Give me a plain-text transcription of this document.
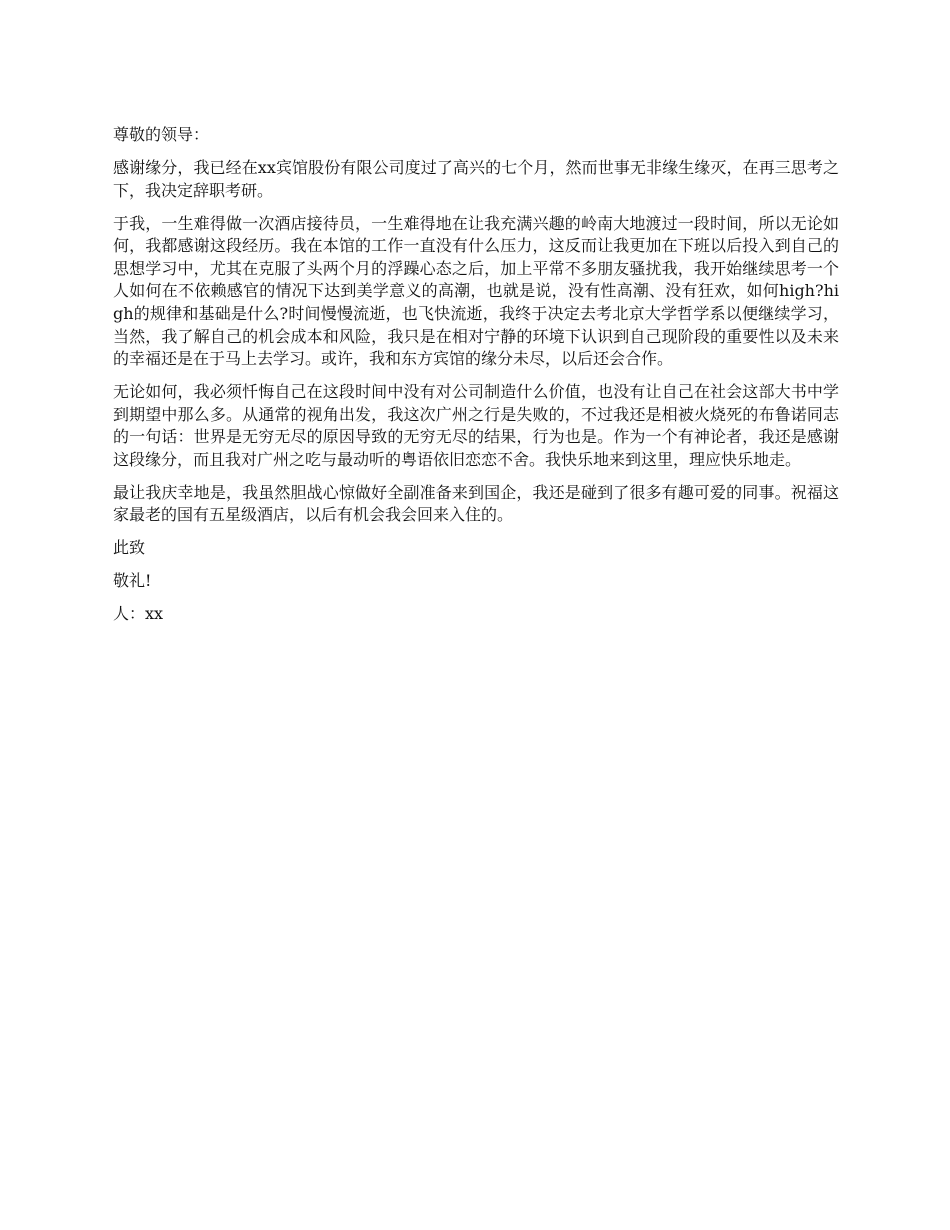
尊敬的领导：

感谢缘分，我已经在xx宾馆股份有限公司度过了高兴的七个月，然而世事无非缘生缘灭，在再三思考之下，我决定辞职考研。

于我，一生难得做一次酒店接待员，一生难得地在让我充满兴趣的岭南大地渡过一段时间，所以无论如何，我都感谢这段经历。我在本馆的工作一直没有什么压力，这反而让我更加在下班以后投入到自己的思想学习中，尤其在克服了头两个月的浮躁心态之后，加上平常不多朋友骚扰我，我开始继续思考一个人如何在不依赖感官的情况下达到美学意义的高潮，也就是说，没有性高潮、没有狂欢，如何high?high的规律和基础是什么?时间慢慢流逝，也飞快流逝，我终于决定去考北京大学哲学系以便继续学习，当然，我了解自己的机会成本和风险，我只是在相对宁静的环境下认识到自己现阶段的重要性以及未来的幸福还是在于马上去学习。或许，我和东方宾馆的缘分未尽，以后还会合作。

无论如何，我必须忏悔自己在这段时间中没有对公司制造什么价值，也没有让自己在社会这部大书中学到期望中那么多。从通常的视角出发，我这次广州之行是失败的，不过我还是相被火烧死的布鲁诺同志的一句话：世界是无穷无尽的原因导致的无穷无尽的结果，行为也是。作为一个有神论者，我还是感谢这段缘分，而且我对广州之吃与最动听的粤语依旧恋恋不舍。我快乐地来到这里，理应快乐地走。

最让我庆幸地是，我虽然胆战心惊做好全副准备来到国企，我还是碰到了很多有趣可爱的同事。祝福这家最老的国有五星级酒店，以后有机会我会回来入住的。

此致

敬礼!

人：xx
